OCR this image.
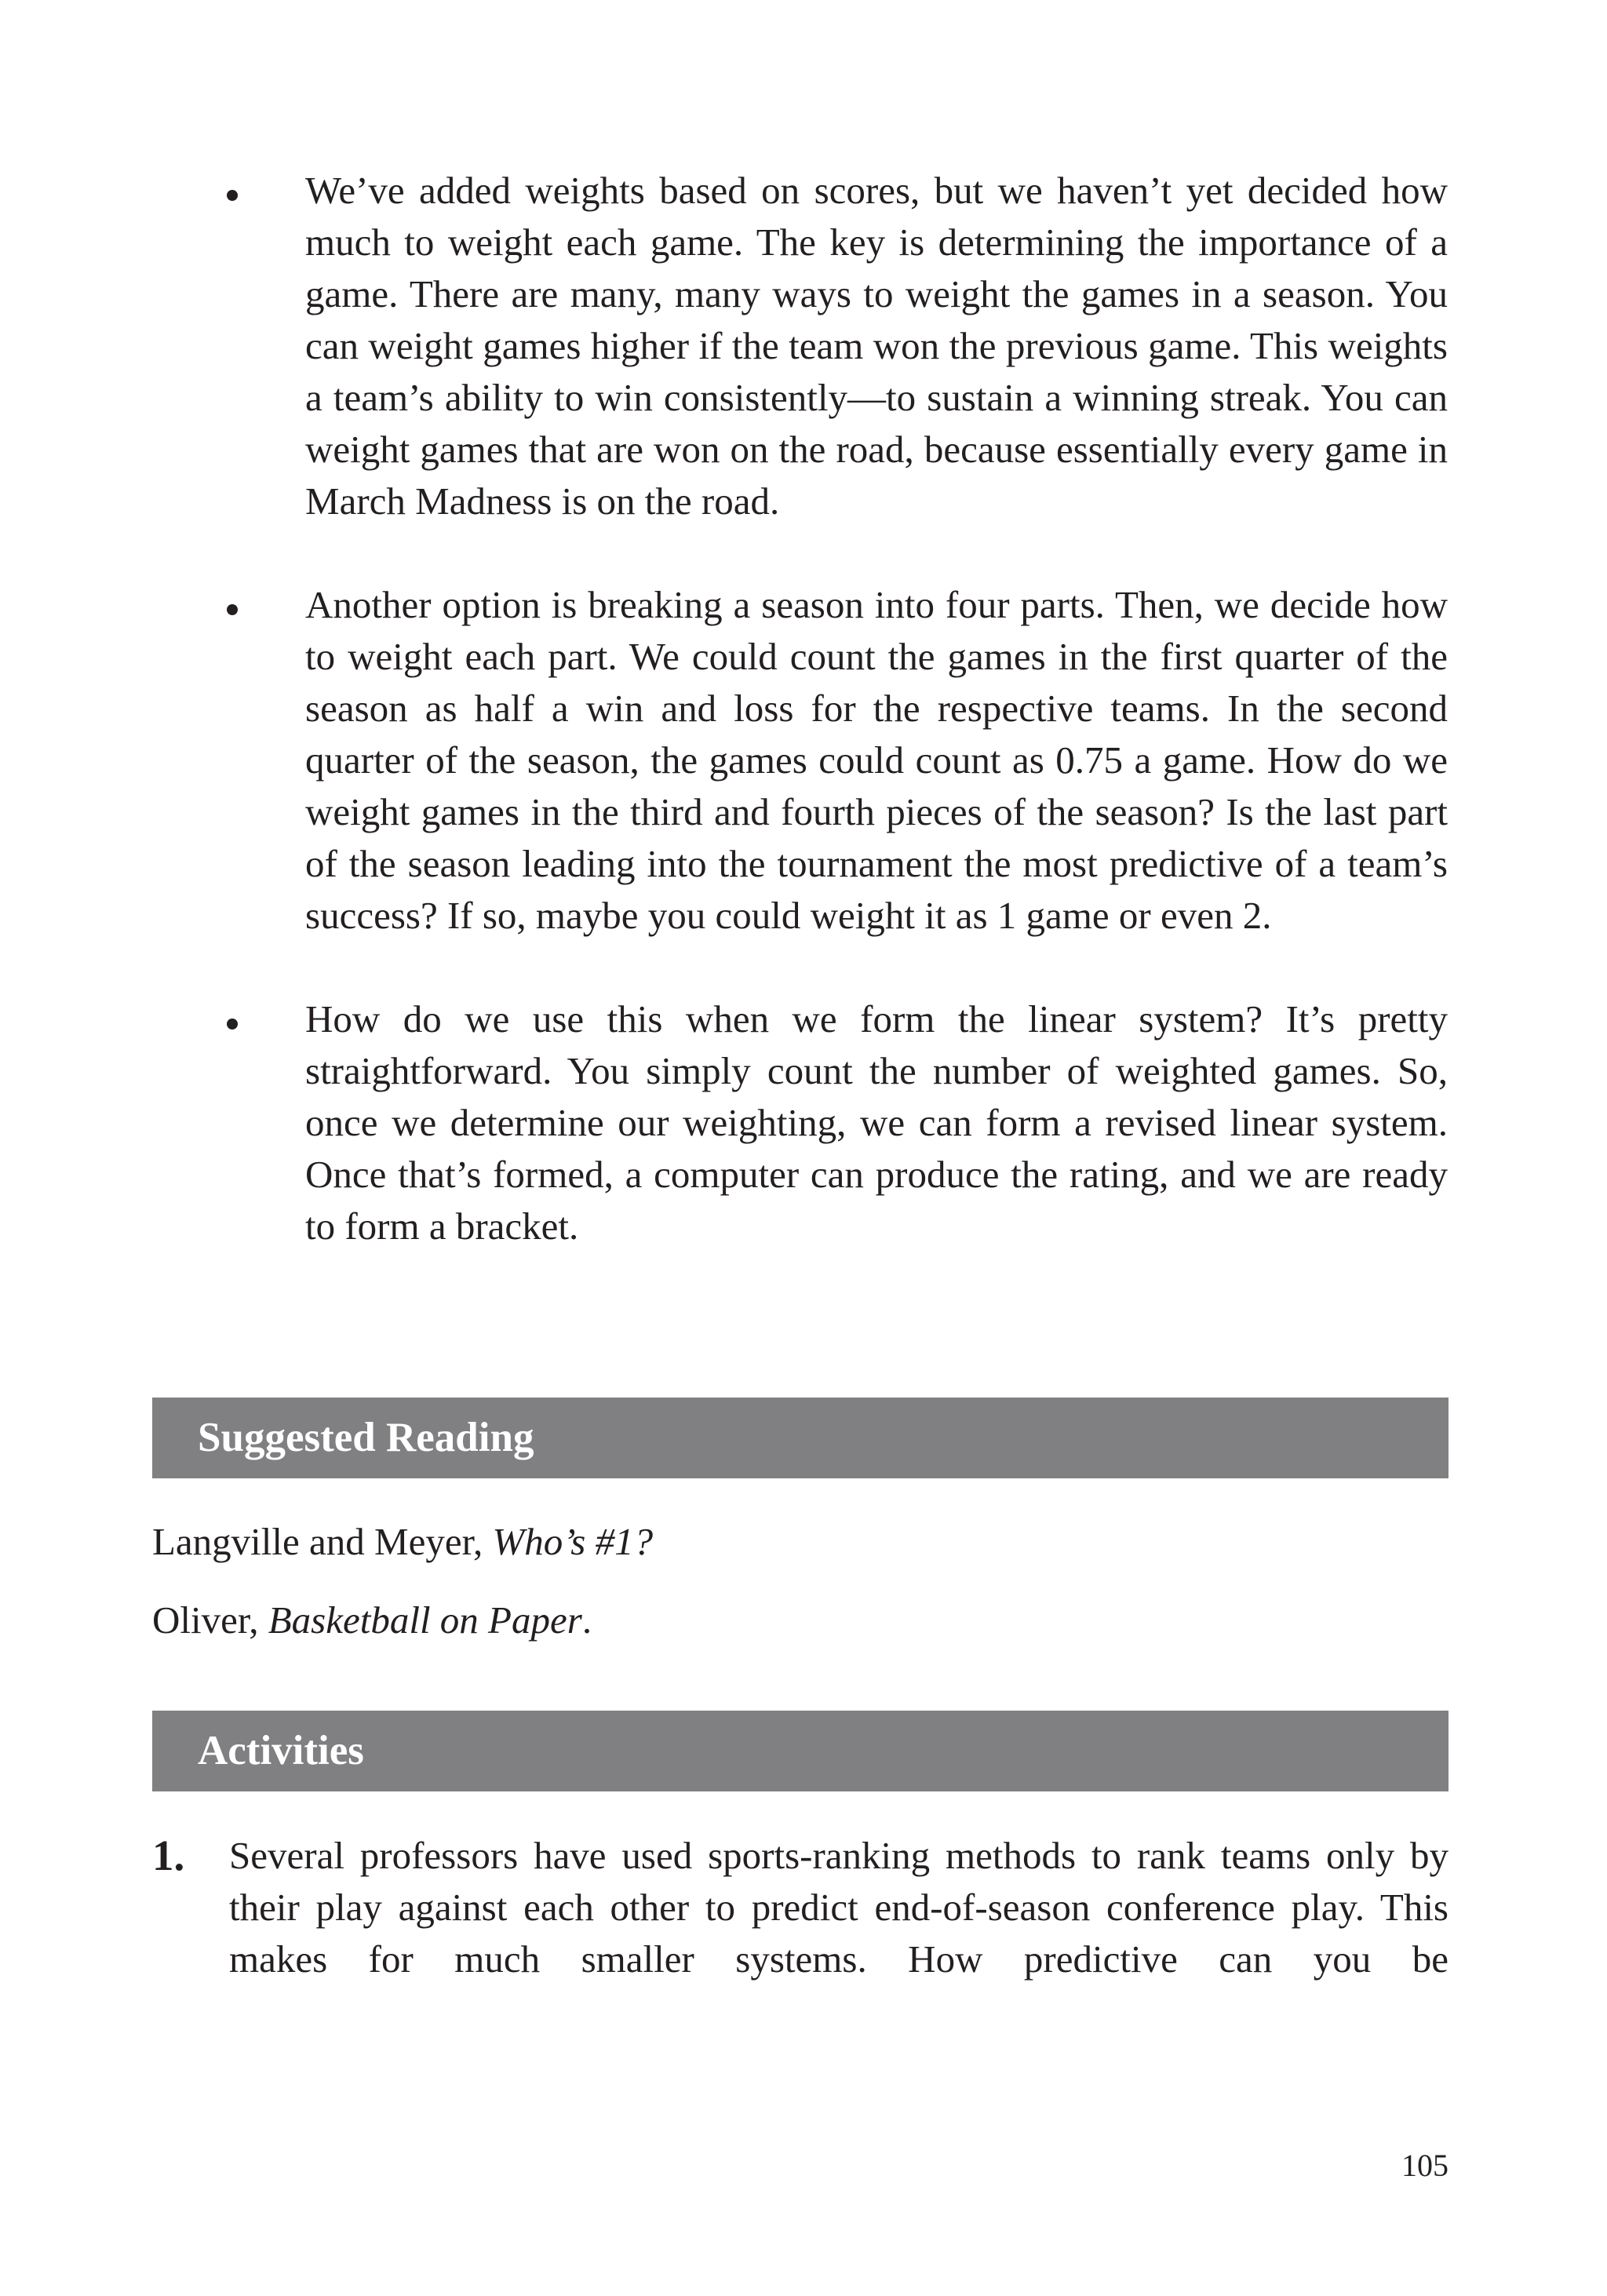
We’ve added weights based on scores, but we haven’t yet decided how much to weight each game. The key is determining the importance of a game. There are many, many ways to weight the games in a season. You can weight games higher if the team won the previous game. This weights a team’s ability to win consistently—to sustain a winning streak. You can weight games that are won on the road, because essentially every game in March Madness is on the road.
Another option is breaking a season into four parts. Then, we decide how to weight each part. We could count the games in the first quarter of the season as half a win and loss for the respective teams. In the second quarter of the season, the games could count as 0.75 a game. How do we weight games in the third and fourth pieces of the season? Is the last part of the season leading into the tournament the most predictive of a team’s success? If so, maybe you could weight it as 1 game or even 2.
How do we use this when we form the linear system? It’s pretty straightforward. You simply count the number of weighted games. So, once we determine our weighting, we can form a revised linear system. Once that’s formed, a computer can produce the rating, and we are ready to form a bracket.
Suggested Reading
Langville and Meyer, Who’s #1?
Oliver, Basketball on Paper.
Activities
1. Several professors have used sports-ranking methods to rank teams only by their play against each other to predict end-of-season conference play. This makes for much smaller systems. How predictive can you be
105
